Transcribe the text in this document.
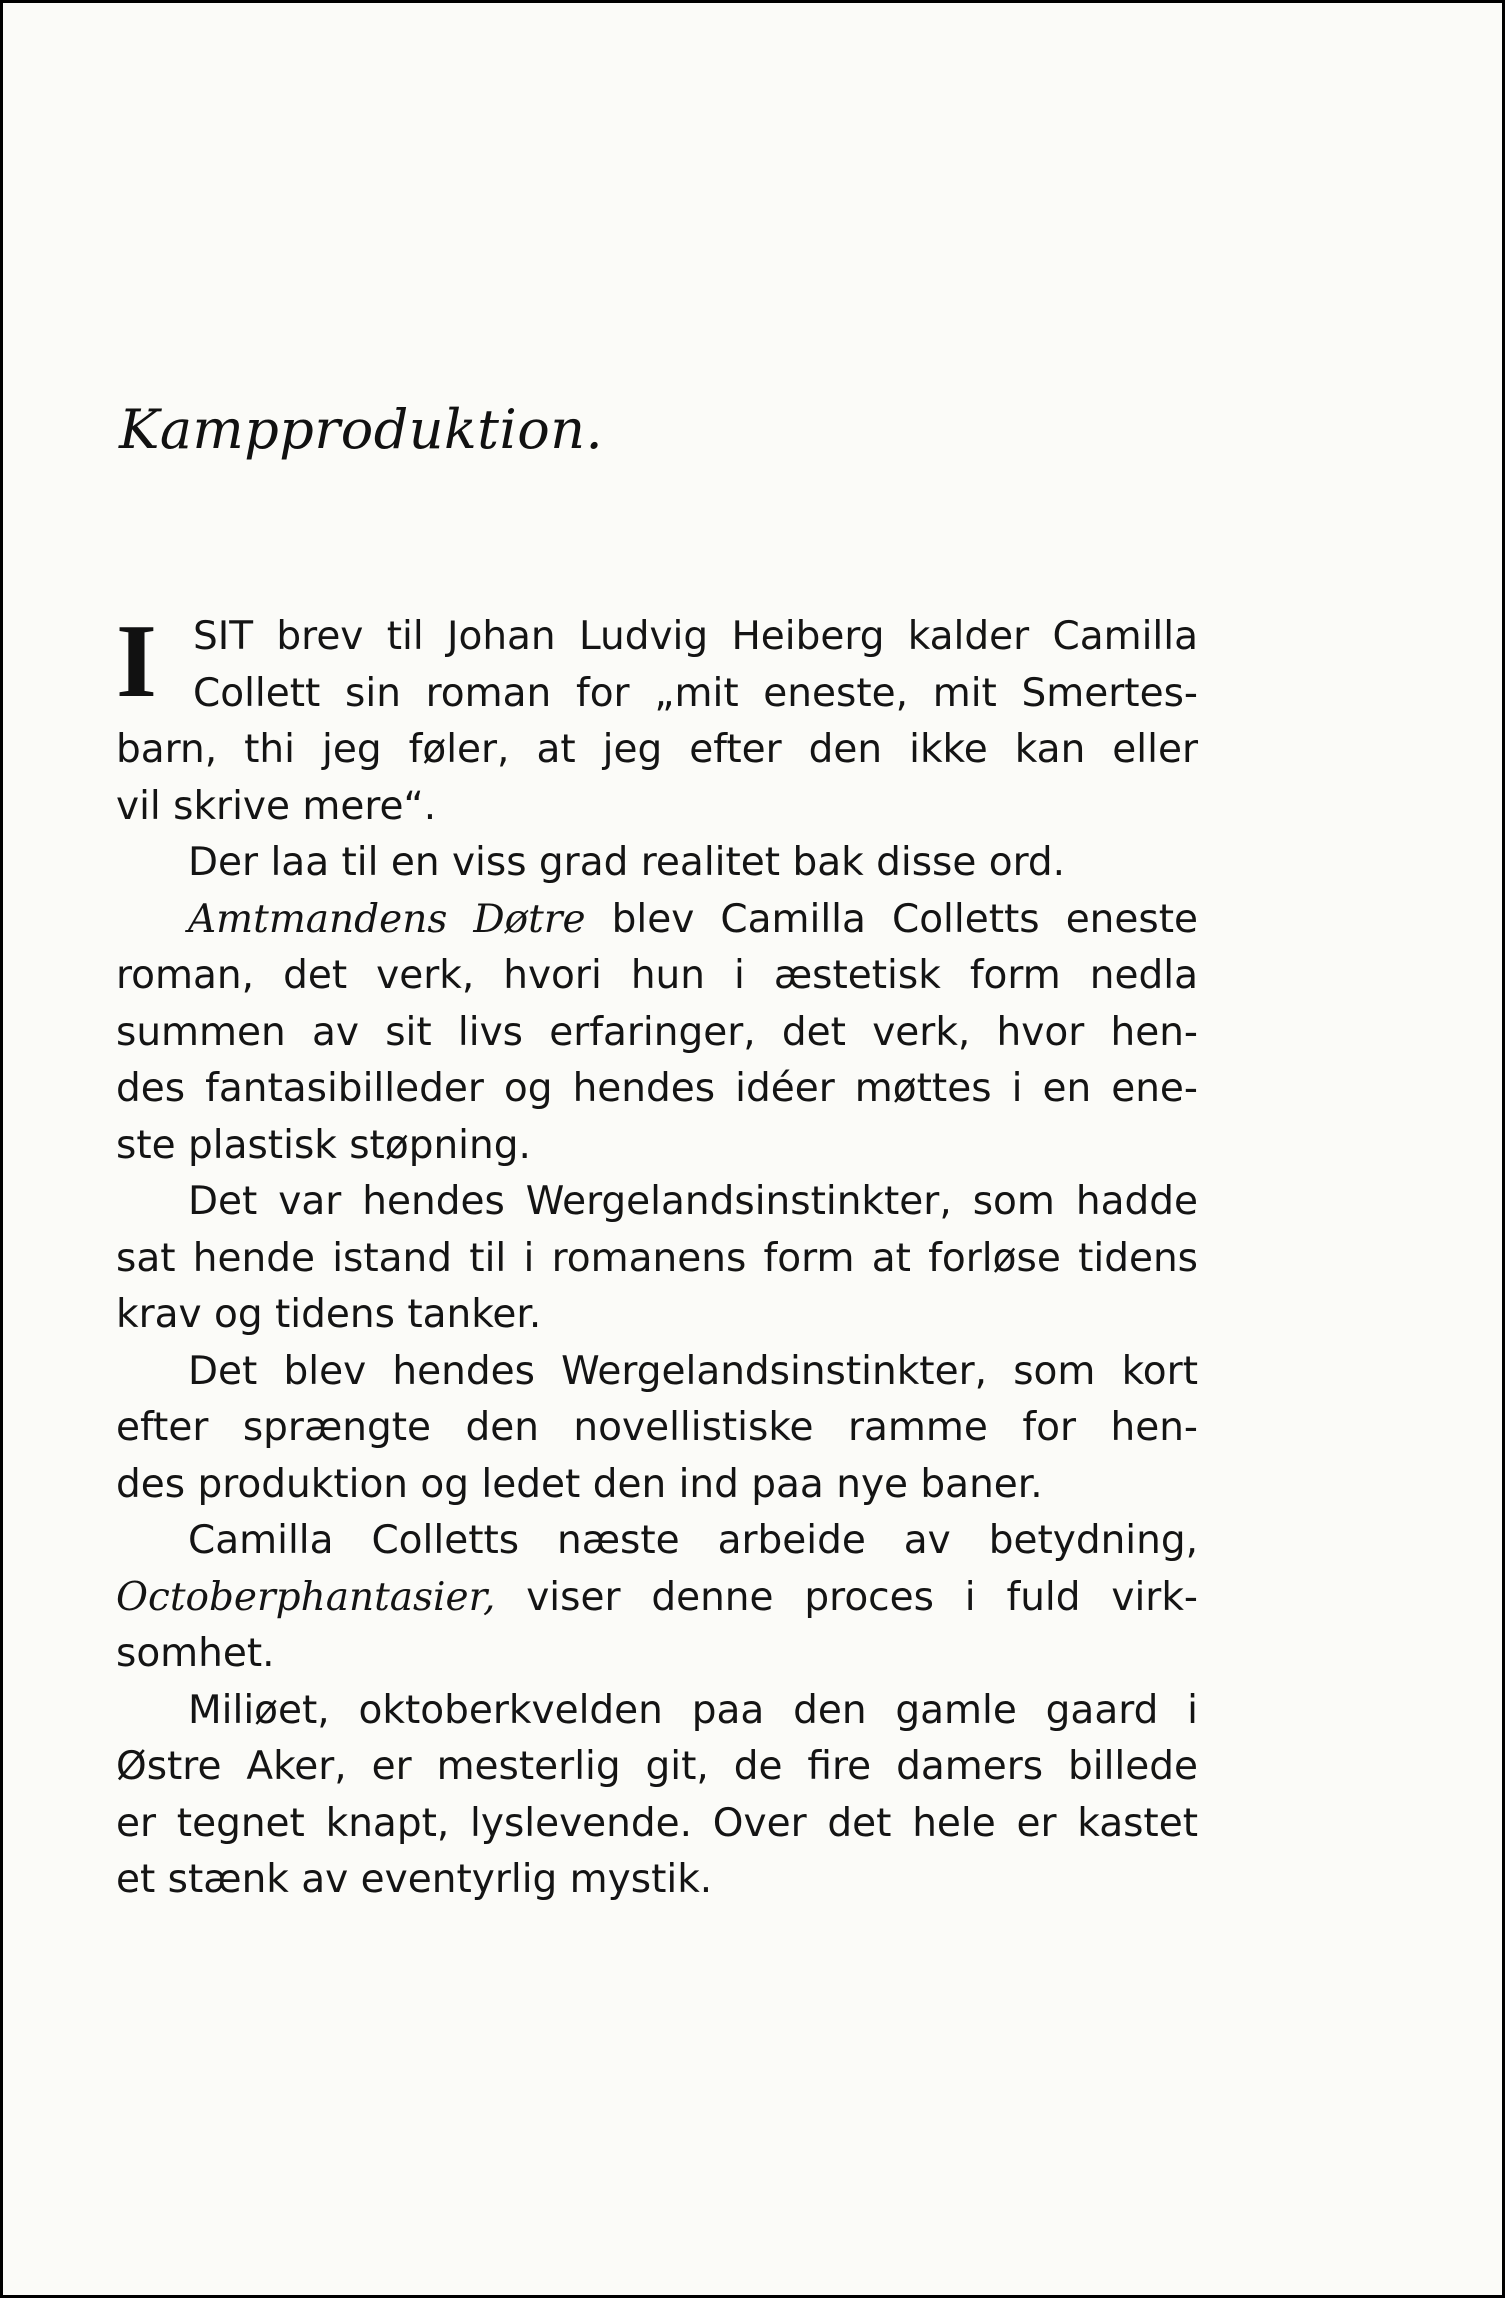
Kampproduktion.
I SIT brev til Johan Ludvig Heiberg kalder Camilla
Collett sin roman for „mit eneste, mit Smertes-
barn, thi jeg føler, at jeg efter den ikke kan eller
vil skrive mere“.
Der laa til en viss grad realitet bak disse ord.
Amtmandens Døtre blev Camilla Colletts eneste
roman, det verk, hvori hun i æstetisk form nedla
summen av sit livs erfaringer, det verk, hvor hen-
des fantasibilleder og hendes idéer møttes i en ene-
ste plastisk støpning.
Det var hendes Wergelandsinstinkter, som hadde
sat hende istand til i romanens form at forløse tidens
krav og tidens tanker.
Det blev hendes Wergelandsinstinkter, som kort
efter sprængte den novellistiske ramme for hen-
des produktion og ledet den ind paa nye baner.
Camilla Colletts næste arbeide av betydning,
Octoberphantasier, viser denne proces i fuld virk-
somhet.
Miliøet, oktoberkvelden paa den gamle gaard i
Østre Aker, er mesterlig git, de fire damers billede
er tegnet knapt, lyslevende. Over det hele er kastet
et stænk av eventyrlig mystik.
